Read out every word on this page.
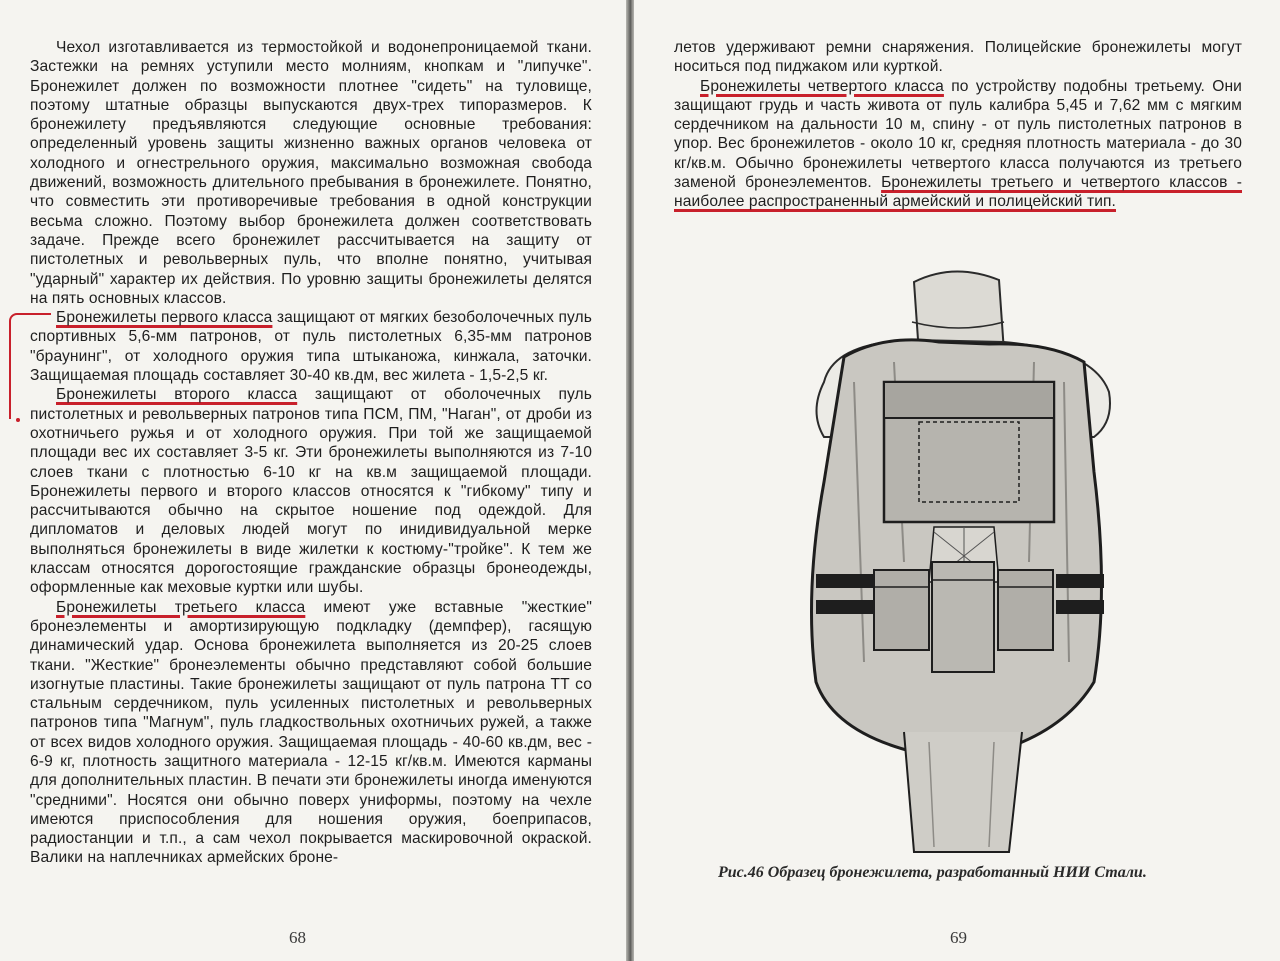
Чехол изготавливается из термостойкой и водонепроницаемой ткани. Застежки на ремнях уступили место молниям, кнопкам и "липучке". Бронежилет должен по возможности плотнее "сидеть" на туловище, поэтому штатные образцы выпускаются двух-трех типоразмеров. К бронежилету предъявляются следующие основные требования: определенный уровень защиты жизненно важных органов человека от холодного и огнестрельного оружия, максимально возможная свобода движений, возможность длительного пребывания в бронежилете. Понятно, что совместить эти противоречивые требования в одной конструкции весьма сложно. Поэтому выбор бронежилета должен соответствовать задаче. Прежде всего бронежилет рассчитывается на защиту от пистолетных и револьверных пуль, что вполне понятно, учитывая "ударный" характер их действия. По уровню защиты бронежилеты делятся на пять основных классов.

Бронежилеты первого класса защищают от мягких безоболочечных пуль спортивных 5,6-мм патронов, от пуль пистолетных 6,35-мм патронов "браунинг", от холодного оружия типа штыканожа, кинжала, заточки. Защищаемая площадь составляет 30-40 кв.дм, вес жилета - 1,5-2,5 кг.

Бронежилеты второго класса защищают от оболочечных пуль пистолетных и револьверных патронов типа ПСМ, ПМ, "Наган", от дроби из охотничьего ружья и от холодного оружия. При той же защищаемой площади вес их составляет 3-5 кг. Эти бронежилеты выполняются из 7-10 слоев ткани с плотностью 6-10 кг на кв.м защищаемой площади. Бронежилеты первого и второго классов относятся к "гибкому" типу и рассчитываются обычно на скрытое ношение под одеждой. Для дипломатов и деловых людей могут по инидивидуальной мерке выполняться бронежилеты в виде жилетки к костюму-"тройке". К тем же классам относятся дорогостоящие гражданские образцы бронеодежды, оформленные как меховые куртки или шубы.

Бронежилеты третьего класса имеют уже вставные "жесткие" бронеэлементы и амортизирующую подкладку (демпфер), гасящую динамический удар. Основа бронежилета выполняется из 20-25 слоев ткани. "Жесткие" бронеэлементы обычно представляют собой большие изогнутые пластины. Такие бронежилеты защищают от пуль патрона ТТ со стальным сердечником, пуль усиленных пистолетных и револьверных патронов типа "Магнум", пуль гладкоствольных охотничьих ружей, а также от всех видов холодного оружия. Защищаемая площадь - 40-60 кв.дм, вес - 6-9 кг, плотность защитного материала - 12-15 кг/кв.м. Имеются карманы для дополнительных пластин. В печати эти бронежилеты иногда именуются "средними". Носятся они обычно поверх униформы, поэтому на чехле имеются приспособления для ношения оружия, боеприпасов, радиостанции и т.п., а сам чехол покрывается маскировочной окраской. Валики на наплечниках армейских броне-

68

летов удерживают ремни снаряжения. Полицейские бронежилеты могут носиться под пиджаком или курткой.

Бронежилеты четвертого класса по устройству подобны третьему. Они защищают грудь и часть живота от пуль калибра 5,45 и 7,62 мм с мягким сердечником на дальности 10 м, спину - от пуль пистолетных патронов в упор. Вес бронежилетов - около 10 кг, средняя плотность материала - до 30 кг/кв.м. Обычно бронежилеты четвертого класса получаются из третьего заменой бронеэлементов. Бронежилеты третьего и четвертого классов - наиболее распространенный армейский и полицейский тип.

Рис.46 Образец бронежилета, разработанный НИИ Стали.
69
